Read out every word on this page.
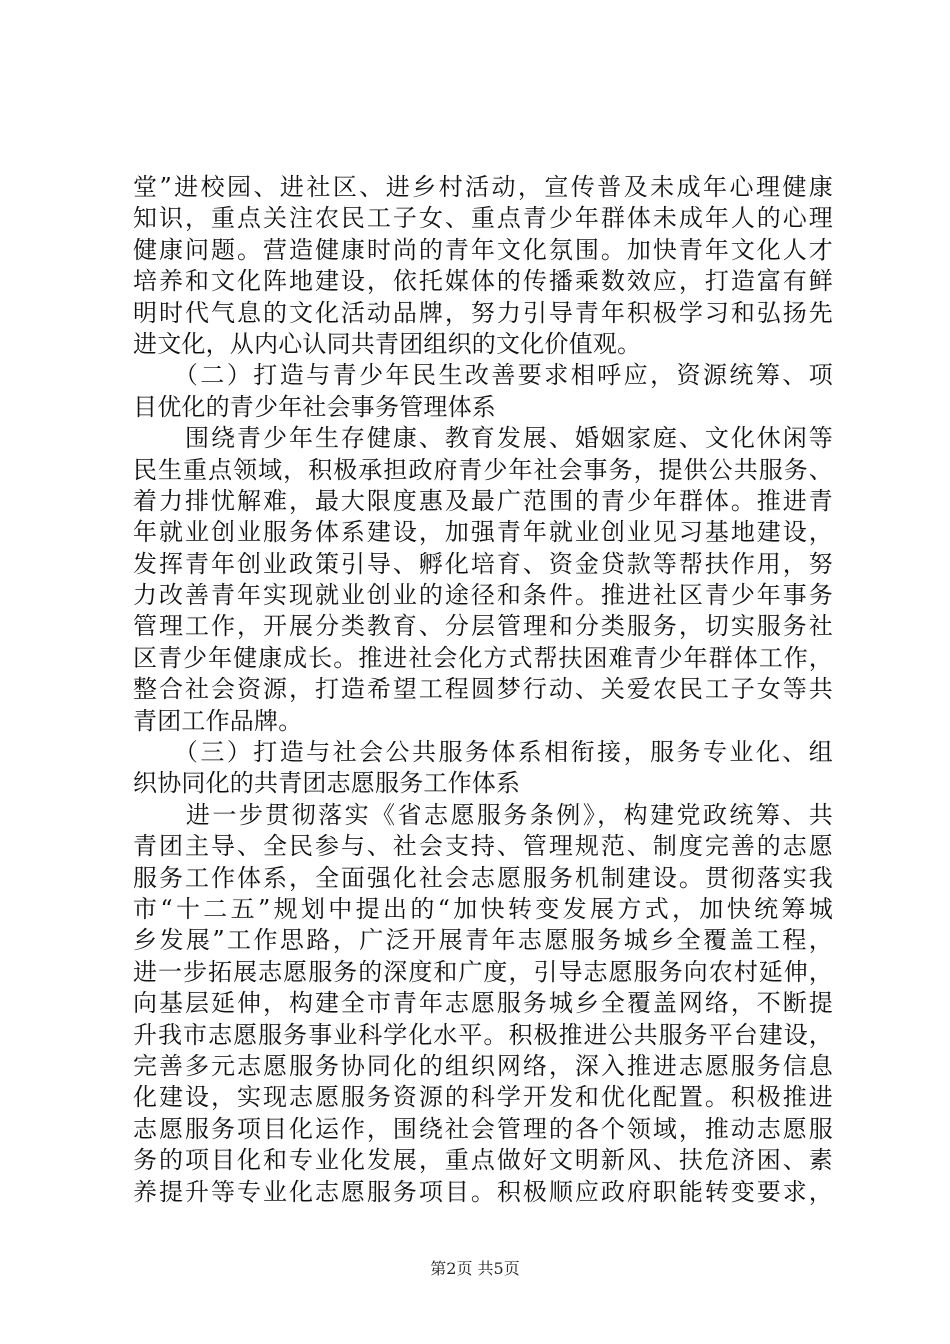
堂”进校园、进社区、进乡村活动，宣传普及未成年心理健康
知识，重点关注农民工子女、重点青少年群体未成年人的心理
健康问题。营造健康时尚的青年文化氛围。加快青年文化人才
培养和文化阵地建设，依托媒体的传播乘数效应，打造富有鲜
明时代气息的文化活动品牌，努力引导青年积极学习和弘扬先
进文化，从内心认同共青团组织的文化价值观。
　　（二）打造与青少年民生改善要求相呼应，资源统筹、项
目优化的青少年社会事务管理体系
　　围绕青少年生存健康、教育发展、婚姻家庭、文化休闲等
民生重点领域，积极承担政府青少年社会事务，提供公共服务、
着力排忧解难，最大限度惠及最广范围的青少年群体。推进青
年就业创业服务体系建设，加强青年就业创业见习基地建设，
发挥青年创业政策引导、孵化培育、资金贷款等帮扶作用，努
力改善青年实现就业创业的途径和条件。推进社区青少年事务
管理工作，开展分类教育、分层管理和分类服务，切实服务社
区青少年健康成长。推进社会化方式帮扶困难青少年群体工作，
整合社会资源，打造希望工程圆梦行动、关爱农民工子女等共
青团工作品牌。
　　（三）打造与社会公共服务体系相衔接，服务专业化、组
织协同化的共青团志愿服务工作体系
　　进一步贯彻落实《省志愿服务条例》，构建党政统筹、共
青团主导、全民参与、社会支持、管理规范、制度完善的志愿
服务工作体系，全面强化社会志愿服务机制建设。贯彻落实我
市“十二五”规划中提出的“加快转变发展方式，加快统筹城
乡发展”工作思路，广泛开展青年志愿服务城乡全覆盖工程，
进一步拓展志愿服务的深度和广度，引导志愿服务向农村延伸，
向基层延伸，构建全市青年志愿服务城乡全覆盖网络，不断提
升我市志愿服务事业科学化水平。积极推进公共服务平台建设，
完善多元志愿服务协同化的组织网络，深入推进志愿服务信息
化建设，实现志愿服务资源的科学开发和优化配置。积极推进
志愿服务项目化运作，围绕社会管理的各个领域，推动志愿服
务的项目化和专业化发展，重点做好文明新风、扶危济困、素
养提升等专业化志愿服务项目。积极顺应政府职能转变要求，
第2页 共5页
